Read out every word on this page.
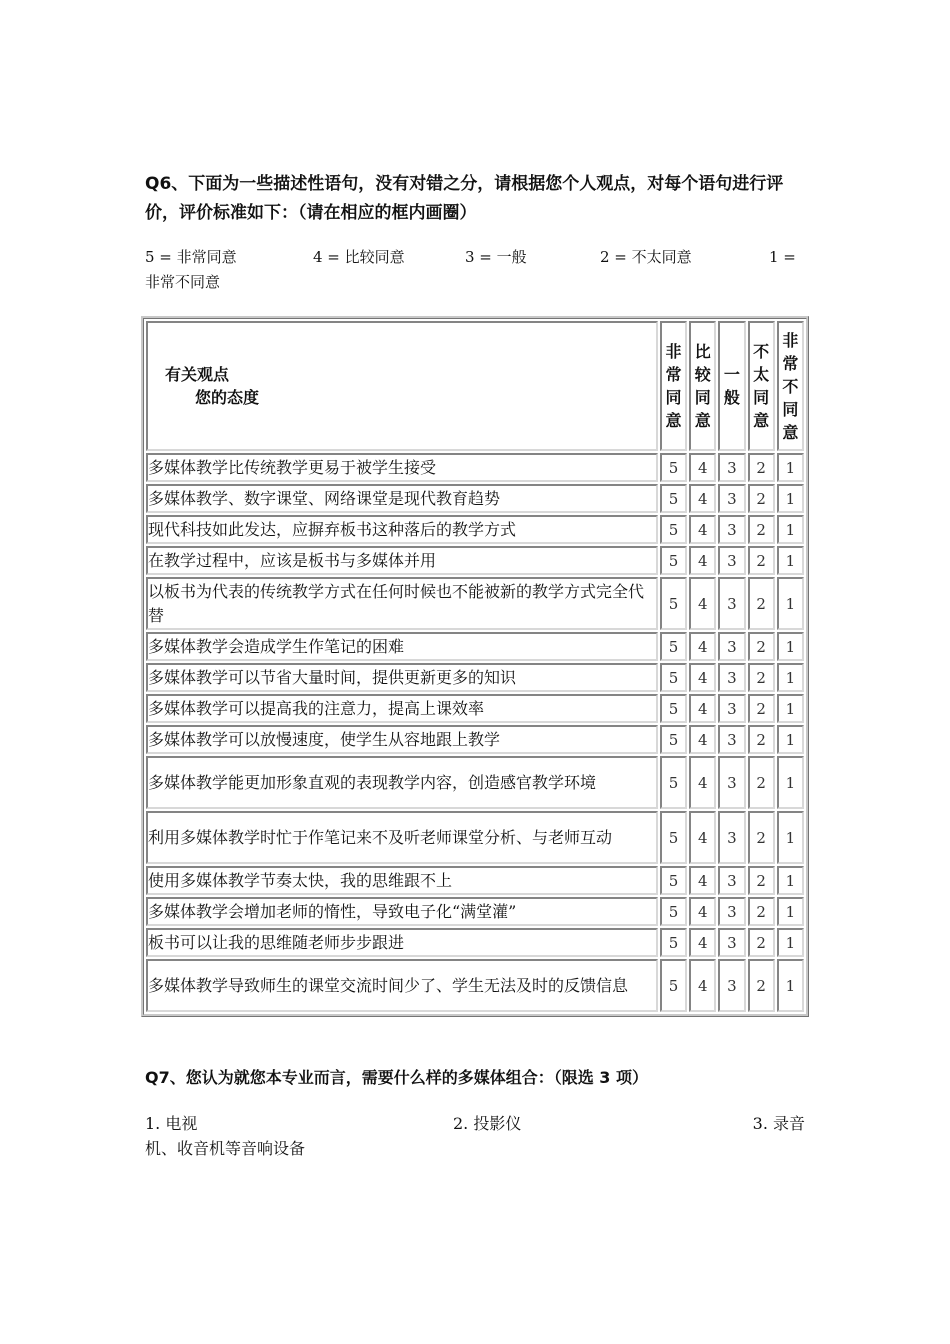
Q6、下面为一些描述性语句，没有对错之分，请根据您个人观点，对每个语句进行评价，评价标准如下：（请在相应的框内画圈）
5 = 非常同意	4 = 比较同意	3 = 一般	2 = 不太同意	1 =
非常不同意
有关观点
您的态度	非常同意	比较同意	一般	不太同意	非常不同意
多媒体教学比传统教学更易于被学生接受	5	4	3	2	1
多媒体教学、数字课堂、网络课堂是现代教育趋势	5	4	3	2	1
现代科技如此发达，应摒弃板书这种落后的教学方式	5	4	3	2	1
在教学过程中，应该是板书与多媒体并用	5	4	3	2	1
以板书为代表的传统教学方式在任何时候也不能被新的教学方式完全代替	5	4	3	2	1
多媒体教学会造成学生作笔记的困难	5	4	3	2	1
多媒体教学可以节省大量时间，提供更新更多的知识	5	4	3	2	1
多媒体教学可以提高我的注意力，提高上课效率	5	4	3	2	1
多媒体教学可以放慢速度，使学生从容地跟上教学	5	4	3	2	1
多媒体教学能更加形象直观的表现教学内容，创造感官教学环境	5	4	3	2	1
利用多媒体教学时忙于作笔记来不及听老师课堂分析、与老师互动	5	4	3	2	1
使用多媒体教学节奏太快，我的思维跟不上	5	4	3	2	1
多媒体教学会增加老师的惰性，导致电子化“满堂灌”	5	4	3	2	1
板书可以让我的思维随老师步步跟进	5	4	3	2	1
多媒体教学导致师生的课堂交流时间少了、学生无法及时的反馈信息	5	4	3	2	1
Q7、您认为就您本专业而言，需要什么样的多媒体组合：（限选 3 项）
1. 电视	2. 投影仪	3. 录音
机、收音机等音响设备
